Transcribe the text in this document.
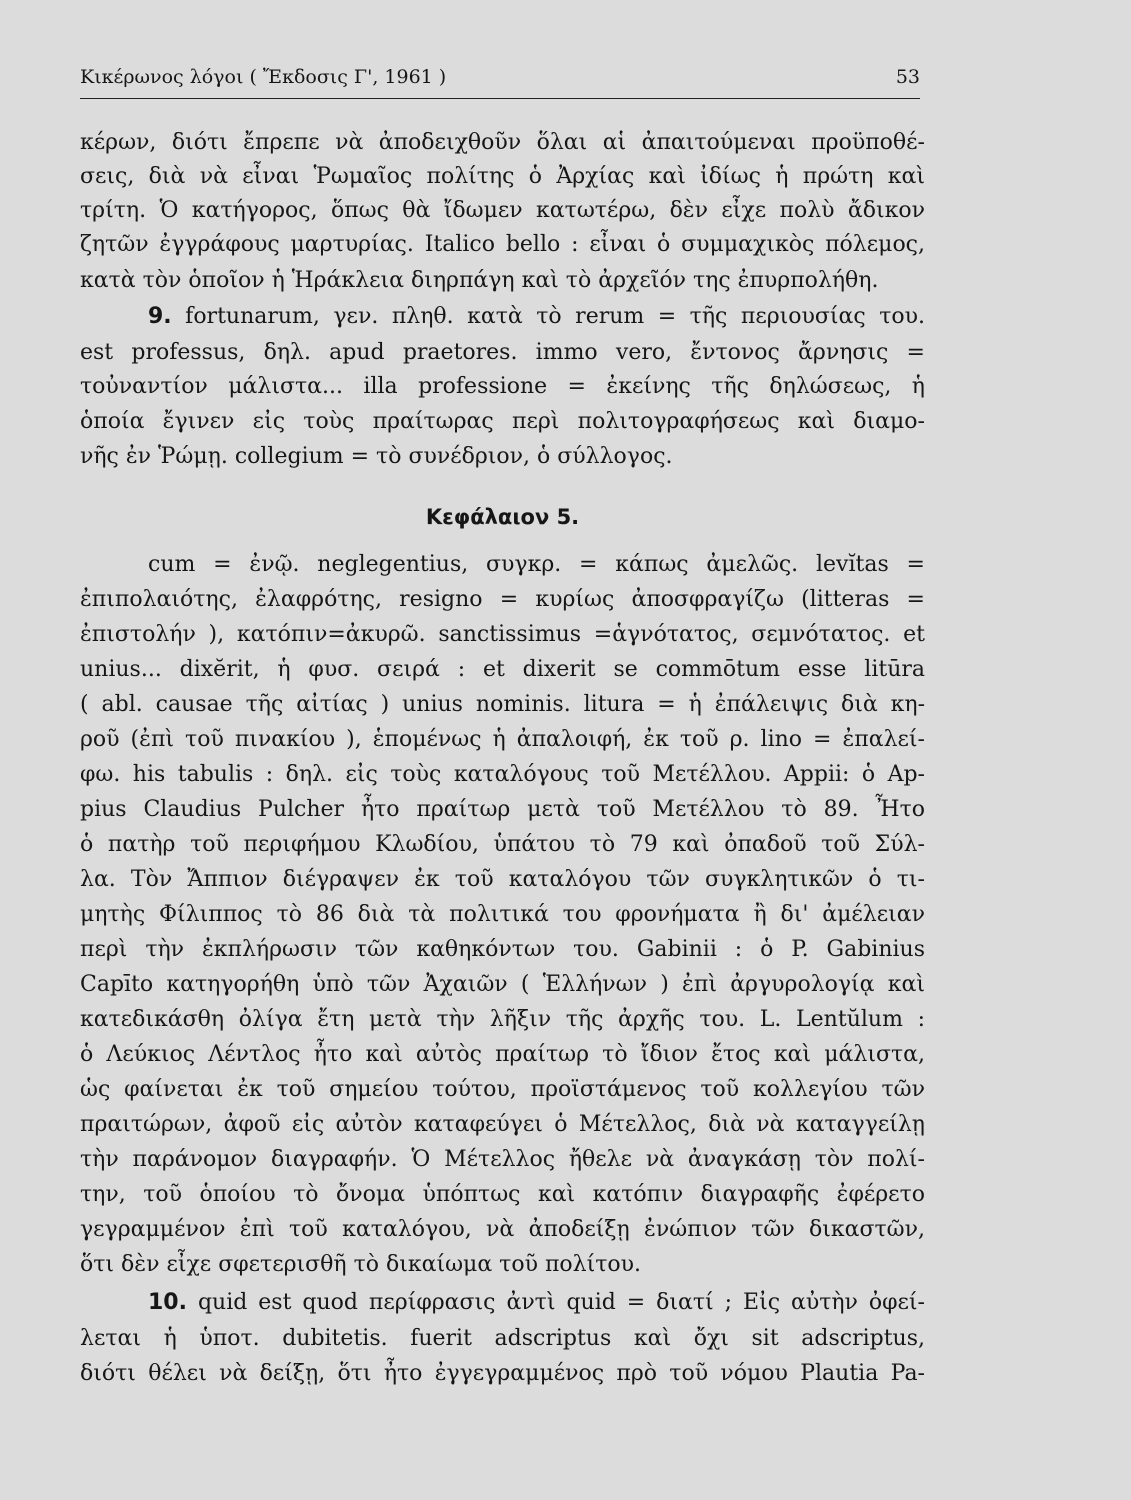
Κικέρωνος λόγοι ( Ἔκδοσις Γ', 1961 )	53
κέρων, διότι ἔπρεπε νὰ ἀποδειχθοῦν ὅλαι αἱ ἀπαιτούμεναι προϋποθέ-
σεις, διὰ νὰ εἶναι Ῥωμαῖος πολίτης ὁ Ἀρχίας καὶ ἰδίως ἡ πρώτη καὶ
τρίτη. Ὁ κατήγορος, ὅπως θὰ ἴδωμεν κατωτέρω, δὲν εἶχε πολὺ ἄδικον
ζητῶν ἐγγράφους μαρτυρίας. Italico bello : εἶναι ὁ συμμαχικὸς πόλεμος,
κατὰ τὸν ὁποῖον ἡ Ἡράκλεια διηρπάγη καὶ τὸ ἀρχεῖόν της ἐπυρπολήθη.
9. fortunarum, γεν. πληθ. κατὰ τὸ rerum = τῆς περιουσίας του.
est professus, δηλ. apud praetores. immo vero, ἔντονος ἄρνησις =
τοὐναντίον μάλιστα... illa professione = ἐκείνης τῆς δηλώσεως, ἡ
ὁποία ἔγινεν εἰς τοὺς πραίτωρας περὶ πολιτογραφήσεως καὶ διαμο-
νῆς ἐν Ῥώμῃ. collegium = τὸ συνέδριον, ὁ σύλλογος.
Κεφάλαιον 5.
cum = ἐνῷ. neglegentius, συγκρ. = κάπως ἀμελῶς. levĭtas =
ἐπιπολαιότης, ἐλαφρότης, resigno = κυρίως ἀποσφραγίζω (litteras =
ἐπιστολήν ), κατόπιν=ἀκυρῶ. sanctissimus =ἁγνότατος, σεμνότατος. et
unius... dixĕrit, ἡ φυσ. σειρά : et dixerit se commōtum esse litūra
( abl. causae τῆς αἰτίας ) unius nominis. litura = ἡ ἐπάλειψις διὰ κη-
ροῦ (ἐπὶ τοῦ πινακίου ), ἑπομένως ἡ ἀπαλοιφή, ἐκ τοῦ ρ. lino = ἐπαλεί-
φω. his tabulis : δηλ. εἰς τοὺς καταλόγους τοῦ Μετέλλου. Appii: ὁ Ap-
pius Claudius Pulcher ἦτο πραίτωρ μετὰ τοῦ Μετέλλου τὸ 89. Ἦτο
ὁ πατὴρ τοῦ περιφήμου Κλωδίου, ὑπάτου τὸ 79 καὶ ὀπαδοῦ τοῦ Σύλ-
λα. Τὸν Ἄππιον διέγραψεν ἐκ τοῦ καταλόγου τῶν συγκλητικῶν ὁ τι-
μητὴς Φίλιππος τὸ 86 διὰ τὰ πολιτικά του φρονήματα ἢ δι' ἀμέλειαν
περὶ τὴν ἐκπλήρωσιν τῶν καθηκόντων του. Gabinii : ὁ P. Gabinius
Capīto κατηγορήθη ὑπὸ τῶν Ἀχαιῶν ( Ἑλλήνων ) ἐπὶ ἀργυρολογίᾳ καὶ
κατεδικάσθη ὀλίγα ἔτη μετὰ τὴν λῆξιν τῆς ἀρχῆς του. L. Lentŭlum :
ὁ Λεύκιος Λέντλος ἦτο καὶ αὐτὸς πραίτωρ τὸ ἴδιον ἔτος καὶ μάλιστα,
ὡς φαίνεται ἐκ τοῦ σημείου τούτου, προϊστάμενος τοῦ κολλεγίου τῶν
πραιτώρων, ἀφοῦ εἰς αὐτὸν καταφεύγει ὁ Μέτελλος, διὰ νὰ καταγγείλῃ
τὴν παράνομον διαγραφήν. Ὁ Μέτελλος ἤθελε νὰ ἀναγκάσῃ τὸν πολί-
την, τοῦ ὁποίου τὸ ὄνομα ὑπόπτως καὶ κατόπιν διαγραφῆς ἐφέρετο
γεγραμμένον ἐπὶ τοῦ καταλόγου, νὰ ἀποδείξῃ ἐνώπιον τῶν δικαστῶν,
ὅτι δὲν εἶχε σφετερισθῆ τὸ δικαίωμα τοῦ πολίτου.
10. quid est quod περίφρασις ἀντὶ quid = διατί ; Εἰς αὐτὴν ὀφεί-
λεται ἡ ὑποτ. dubitetis. fuerit adscriptus καὶ ὄχι sit adscriptus,
διότι θέλει νὰ δείξῃ, ὅτι ἦτο ἐγγεγραμμένος πρὸ τοῦ νόμου Plautia Pa-
